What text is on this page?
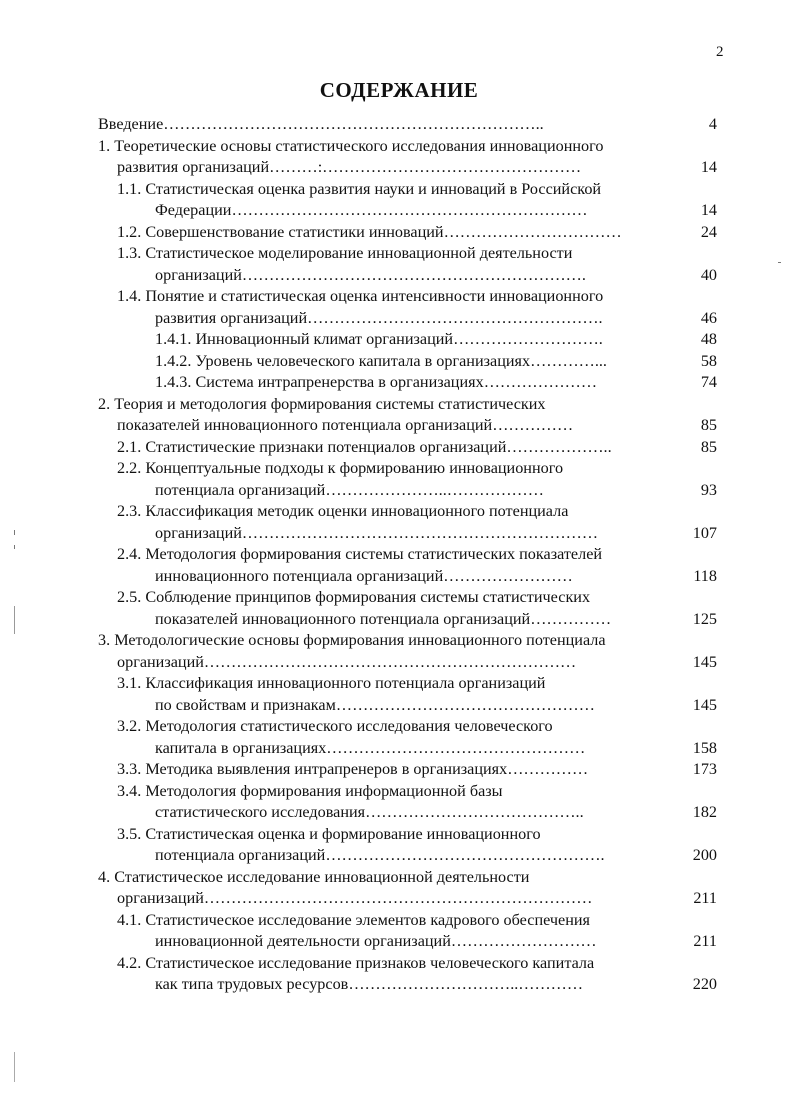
2
СОДЕРЖАНИЕ
4
Введение……………………………………………………………..
1. Теоретические основы статистического исследования инновационного
14
развития организаций………:…………………………………………
1.1. Статистическая оценка развития науки и инноваций в Российской
14
Федерации…………………………………………………………
24
1.2. Совершенствование статистики инноваций……………………………
1.3. Статистическое моделирование инновационной деятельности
40
организаций……………………………………………………….
1.4. Понятие и статистическая оценка интенсивности инновационного
46
развития организаций……………………………………………….
48
1.4.1. Инновационный климат организаций……………………….
58
1.4.2. Уровень человеческого капитала в организациях…………...
74
1.4.3. Система интрапренерства в организациях…………………
2. Теория и методология формирования системы статистических
85
показателей инновационного потенциала организаций……………
85
2.1. Статистические признаки потенциалов организаций………………..
2.2. Концептуальные подходы к формированию инновационного
93
потенциала организаций…………………..………………
2.3. Классификация методик оценки инновационного потенциала
107
организаций…………………………………………………………
2.4. Методология формирования системы статистических показателей
118
инновационного потенциала организаций……………………
2.5. Соблюдение принципов формирования системы статистических
125
показателей инновационного потенциала организаций……………
3. Методологические основы формирования инновационного потенциала
145
организаций……………………………………………………………
3.1. Классификация инновационного потенциала организаций
145
по свойствам и признакам…………………………………………
3.2. Методология статистического исследования человеческого
158
капитала в организациях…………………………………………
173
3.3. Методика выявления интрапренеров в организациях……………
3.4. Методология формирования информационной базы
182
статистического исследования…………………………………..
3.5. Статистическая оценка и формирование инновационного
200
потенциала организаций…………………………………………….
4. Статистическое исследование инновационной деятельности
211
организаций………………………………………………………………
4.1. Статистическое исследование элементов кадрового обеспечения
211
инновационной деятельности организаций………………………
4.2. Статистическое исследование признаков человеческого капитала
220
как типа трудовых ресурсов…………………………..…………
